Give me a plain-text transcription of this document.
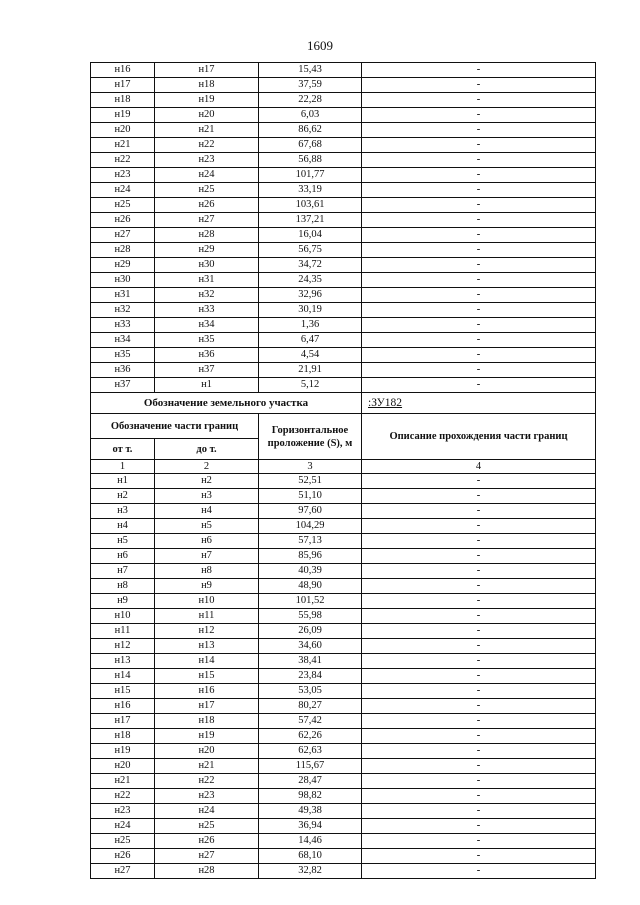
1609
н16	н17	15,43	-
н17	н18	37,59	-
н18	н19	22,28	-
н19	н20	6,03	-
н20	н21	86,62	-
н21	н22	67,68	-
н22	н23	56,88	-
н23	н24	101,77	-
н24	н25	33,19	-
н25	н26	103,61	-
н26	н27	137,21	-
н27	н28	16,04	-
н28	н29	56,75	-
н29	н30	34,72	-
н30	н31	24,35	-
н31	н32	32,96	-
н32	н33	30,19	-
н33	н34	1,36	-
н34	н35	6,47	-
н35	н36	4,54	-
н36	н37	21,91	-
н37	н1	5,12	-
Обозначение земельного участка			:ЗУ182
Обозначение части границ		Горизонтальное проложение (S), м	Описание прохождения части границ
от т.	до т.		
1	2	3	4
н1	н2	52,51	-
н2	н3	51,10	-
н3	н4	97,60	-
н4	н5	104,29	-
н5	н6	57,13	-
н6	н7	85,96	-
н7	н8	40,39	-
н8	н9	48,90	-
н9	н10	101,52	-
н10	н11	55,98	-
н11	н12	26,09	-
н12	н13	34,60	-
н13	н14	38,41	-
н14	н15	23,84	-
н15	н16	53,05	-
н16	н17	80,27	-
н17	н18	57,42	-
н18	н19	62,26	-
н19	н20	62,63	-
н20	н21	115,67	-
н21	н22	28,47	-
н22	н23	98,82	-
н23	н24	49,38	-
н24	н25	36,94	-
н25	н26	14,46	-
н26	н27	68,10	-
н27	н28	32,82	-
